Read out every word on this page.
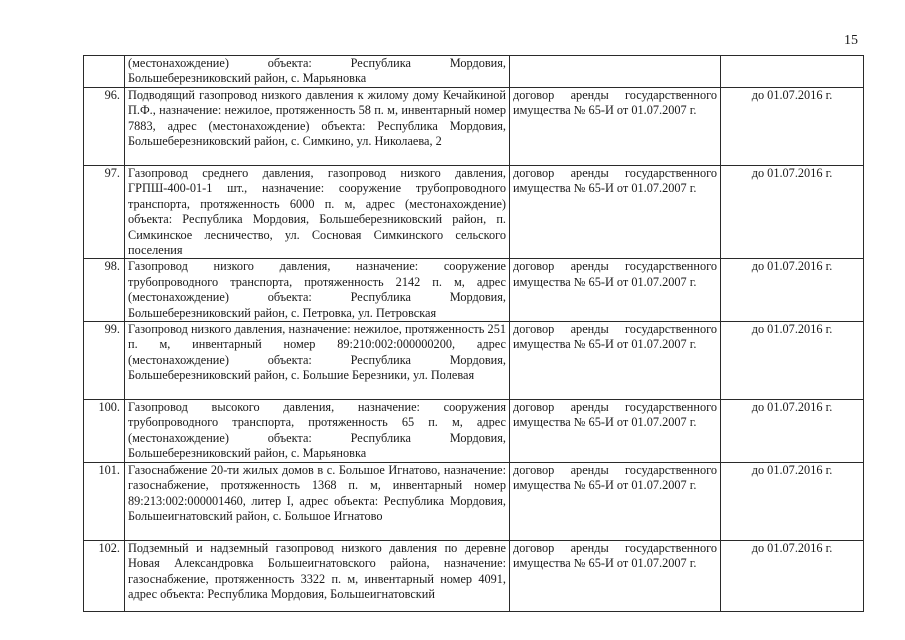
15
	(местонахождение) объекта: Республика Мордовия, Большеберезниковский район, с. Марьяновка		
96.	Подводящий газопровод низкого давления к жилому дому Кечайкиной П.Ф., назначение: нежилое, протяженность 58 п. м, инвентарный номер 7883, адрес (местонахождение) объекта: Республика Мордовия, Большеберезниковский район, с. Симкино, ул. Николаева, 2	договор аренды государственного имущества № 65-И от 01.07.2007 г.	до 01.07.2016 г.
97.	Газопровод среднего давления, газопровод низкого давления, ГРПШ-400-01-1 шт., назначение: сооружение трубопроводного транспорта, протяженность 6000 п. м, адрес (местонахождение) объекта: Республика Мордовия, Большеберезниковский район, п. Симкинское лесничество, ул. Сосновая Симкинского сельского поселения	договор аренды государственного имущества № 65-И от 01.07.2007 г.	до 01.07.2016 г.
98.	Газопровод низкого давления, назначение: сооружение трубопроводного транспорта, протяженность 2142 п. м, адрес (местонахождение) объекта: Республика Мордовия, Большеберезниковский район, с. Петровка, ул. Петровская	договор аренды государственного имущества № 65-И от 01.07.2007 г.	до 01.07.2016 г.
99.	Газопровод низкого давления, назначение: нежилое, протяженность 251 п. м, инвентарный номер 89:210:002:000000200, адрес (местонахождение) объекта: Республика Мордовия, Большеберезниковский район, с. Большие Березники, ул. Полевая	договор аренды государственного имущества № 65-И от 01.07.2007 г.	до 01.07.2016 г.
100.	Газопровод высокого давления, назначение: сооружения трубопроводного транспорта, протяженность 65 п. м, адрес (местонахождение) объекта: Республика Мордовия, Большеберезниковский район, с. Марьяновка	договор аренды государственного имущества № 65-И от 01.07.2007 г.	до 01.07.2016 г.
101.	Газоснабжение 20-ти жилых домов в с. Большое Игнатово, назначение: газоснабжение, протяженность 1368 п. м, инвентарный номер 89:213:002:000001460, литер I, адрес объекта: Республика Мордовия, Большеигнатовский район, с. Большое Игнатово	договор аренды государственного имущества № 65-И от 01.07.2007 г.	до 01.07.2016 г.
102.	Подземный и надземный газопровод низкого давления по деревне Новая Александровка Большеигнатовского района, назначение: газоснабжение, протяженность 3322 п. м, инвентарный номер 4091, адрес объекта: Республика Мордовия, Большеигнатовский	договор аренды государственного имущества № 65-И от 01.07.2007 г.	до 01.07.2016 г.
